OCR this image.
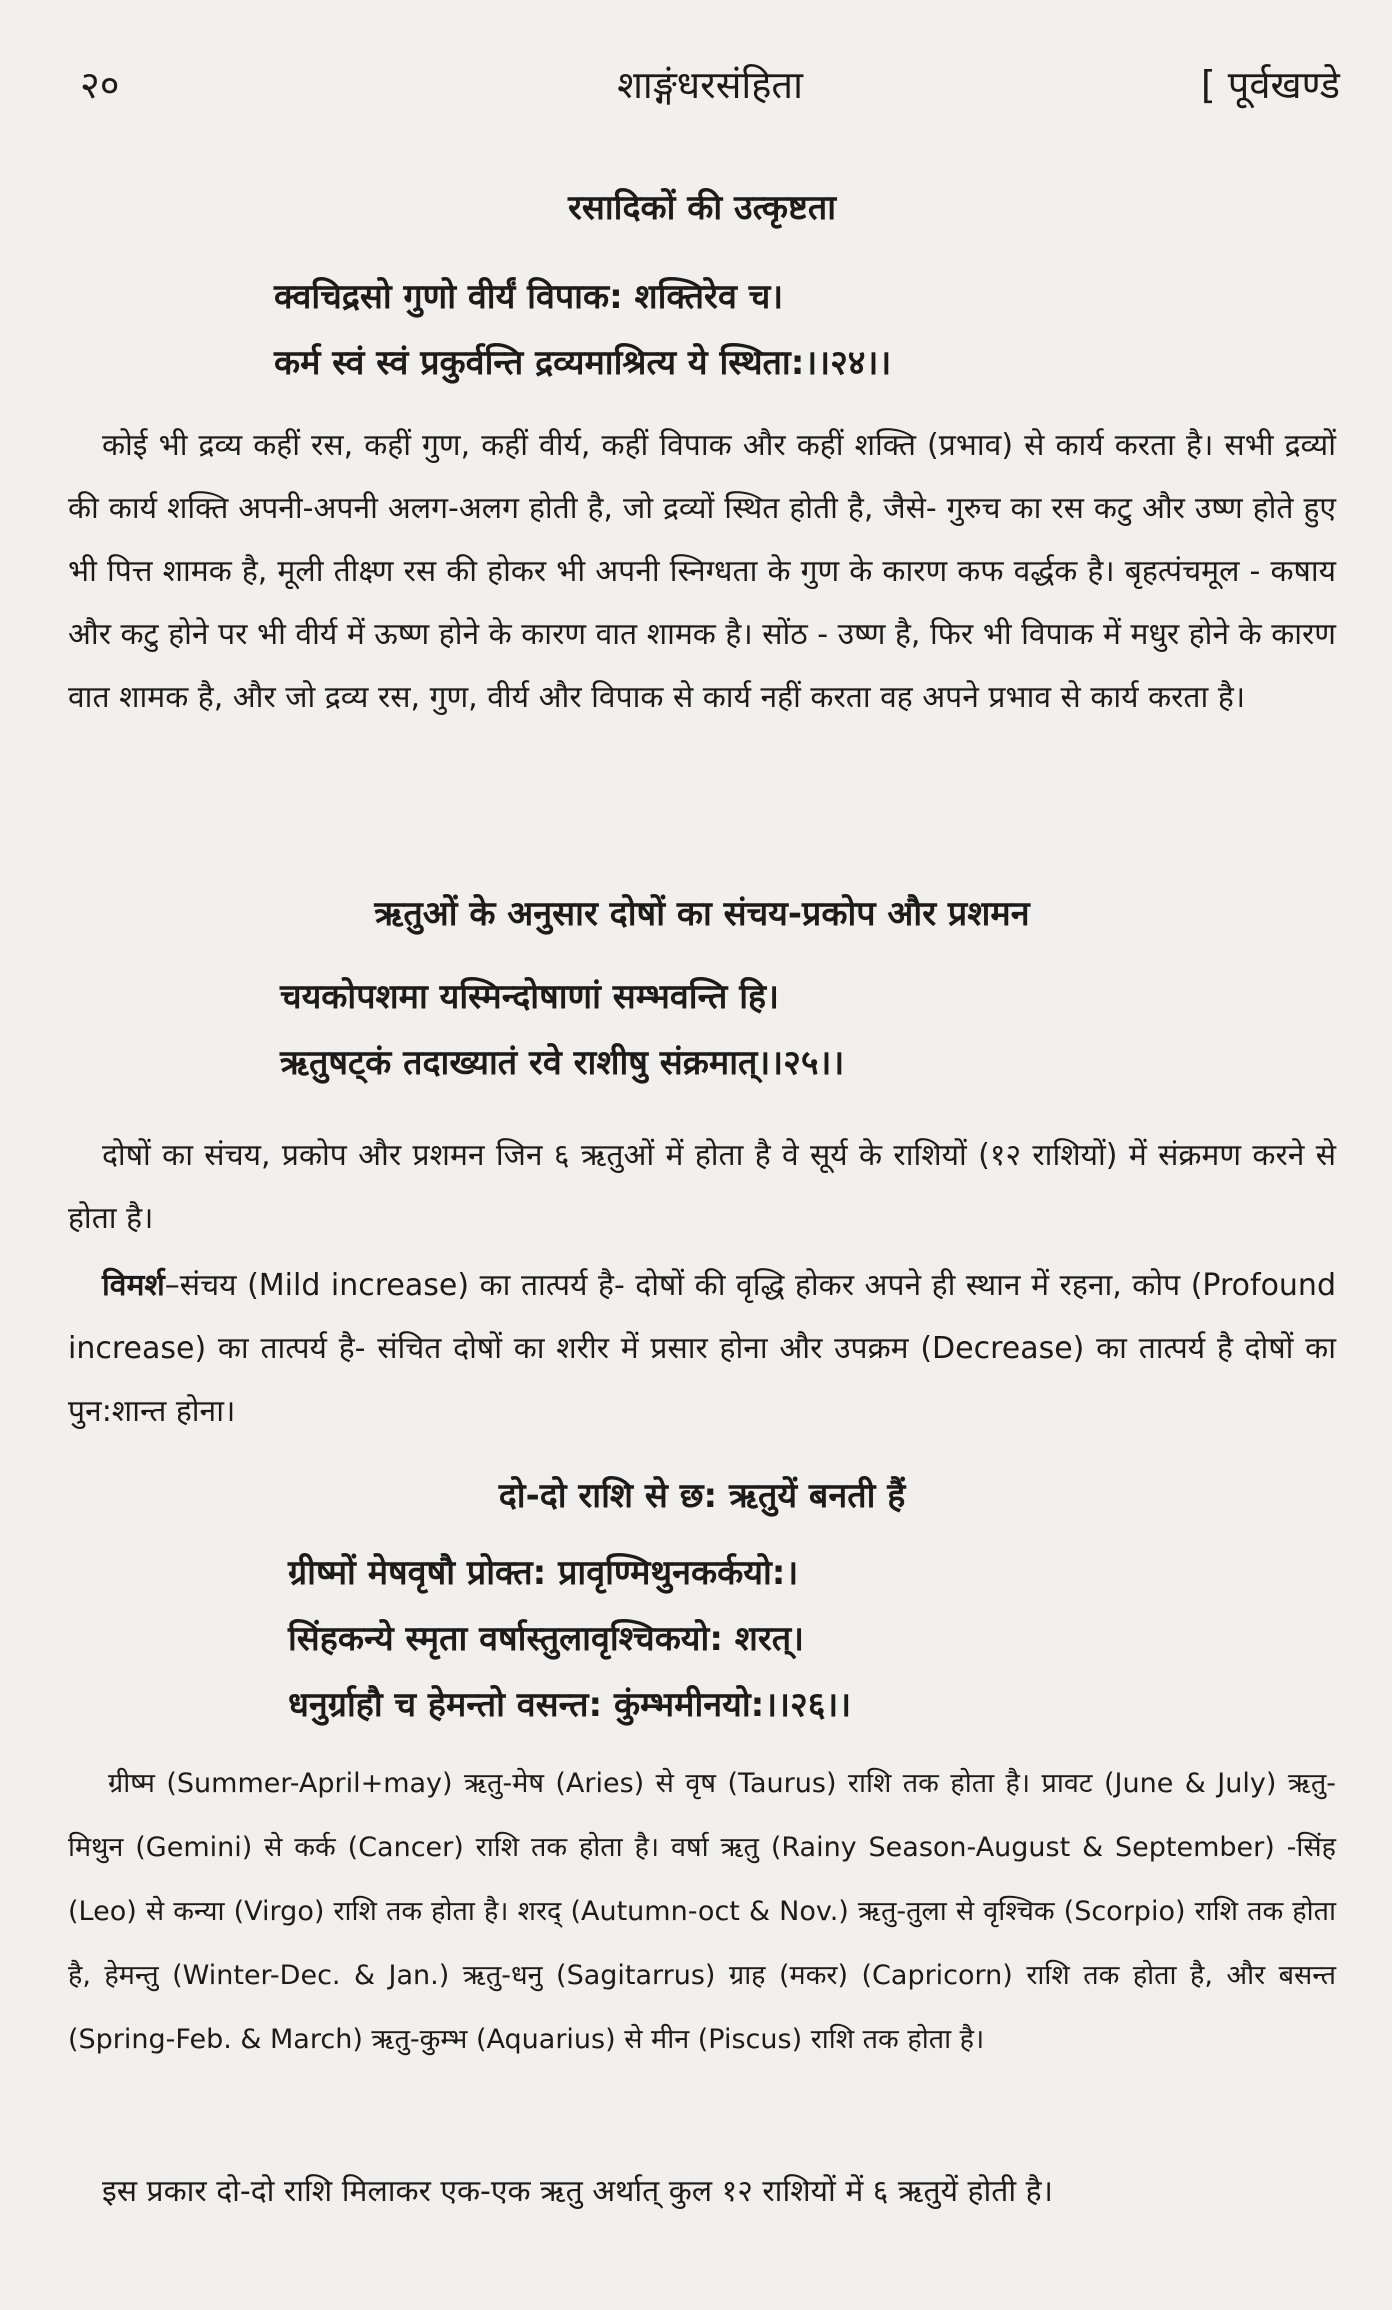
२०	शाङ्गंधरसंहिता	[ पूर्वखण्डे
रसादिकों की उत्कृष्टता
क्वचिद्रसो गुणो वीर्यं विपाक: शक्तिरेव च।
कर्म स्वं स्वं प्रकुर्वन्ति द्रव्यमाश्रित्य ये स्थिता:।।२४।।
कोई भी द्रव्य कहीं रस, कहीं गुण, कहीं वीर्य, कहीं विपाक और कहीं शक्ति (प्रभाव) से कार्य करता है। सभी द्रव्यों की कार्य शक्ति अपनी-अपनी अलग-अलग होती है, जो द्रव्यों स्थित होती है, जैसे- गुरुच का रस कटु और उष्ण होते हुए भी पित्त शामक है, मूली तीक्ष्ण रस की होकर भी अपनी स्निग्धता के गुण के कारण कफ वर्द्धक है। बृहत्पंचमूल - कषाय और कटु होने पर भी वीर्य में ऊष्ण होने के कारण वात शामक है। सोंठ - उष्ण है, फिर भी विपाक में मधुर होने के कारण वात शामक है, और जो द्रव्य रस, गुण, वीर्य और विपाक से कार्य नहीं करता वह अपने प्रभाव से कार्य करता है।
ऋतुओं के अनुसार दोषों का संचय-प्रकोप और प्रशमन
चयकोपशमा यस्मिन्दोषाणां सम्भवन्ति हि।
ऋतुषट्कं तदाख्यातं रवे राशीषु संक्रमात्।।२५।।
दोषों का संचय, प्रकोप और प्रशमन जिन ६ ऋतुओं में होता है वे सूर्य के राशियों (१२ राशियों) में संक्रमण करने से होता है।
विमर्श–संचय (Mild increase) का तात्पर्य है- दोषों की वृद्धि होकर अपने ही स्थान में रहना, कोप (Profound increase) का तात्पर्य है- संचित दोषों का शरीर में प्रसार होना और उपक्रम (Decrease) का तात्पर्य है दोषों का पुन:शान्त होना।
दो-दो राशि से छ: ऋतुयें बनती हैं
ग्रीष्मों मेषवृषौ प्रोक्त: प्रावृण्मिथुनकर्कयो:।
सिंहकन्ये स्मृता वर्षास्तुलावृश्चिकयो: शरत्।
धनुर्ग्राहौ च हेमन्तो वसन्त: कुंम्भमीनयो:।।२६।।
ग्रीष्म (Summer-April+may) ऋतु-मेष (Aries) से वृष (Taurus) राशि तक होता है। प्रावट (June & July) ऋतु-मिथुन (Gemini) से कर्क (Cancer) राशि तक होता है। वर्षा ऋतु (Rainy Season-August & September) -सिंह (Leo) से कन्या (Virgo) राशि तक होता है। शरद् (Autumn-oct & Nov.) ऋतु-तुला से वृश्चिक (Scorpio) राशि तक होता है, हेमन्तु (Winter-Dec. & Jan.) ऋतु-धनु (Sagitarrus) ग्राह (मकर) (Capricorn) राशि तक होता है, और बसन्त (Spring-Feb. & March) ऋतु-कुम्भ (Aquarius) से मीन (Piscus) राशि तक होता है।
इस प्रकार दो-दो राशि मिलाकर एक-एक ऋतु अर्थात् कुल १२ राशियों में ६ ऋतुयें होती है।
